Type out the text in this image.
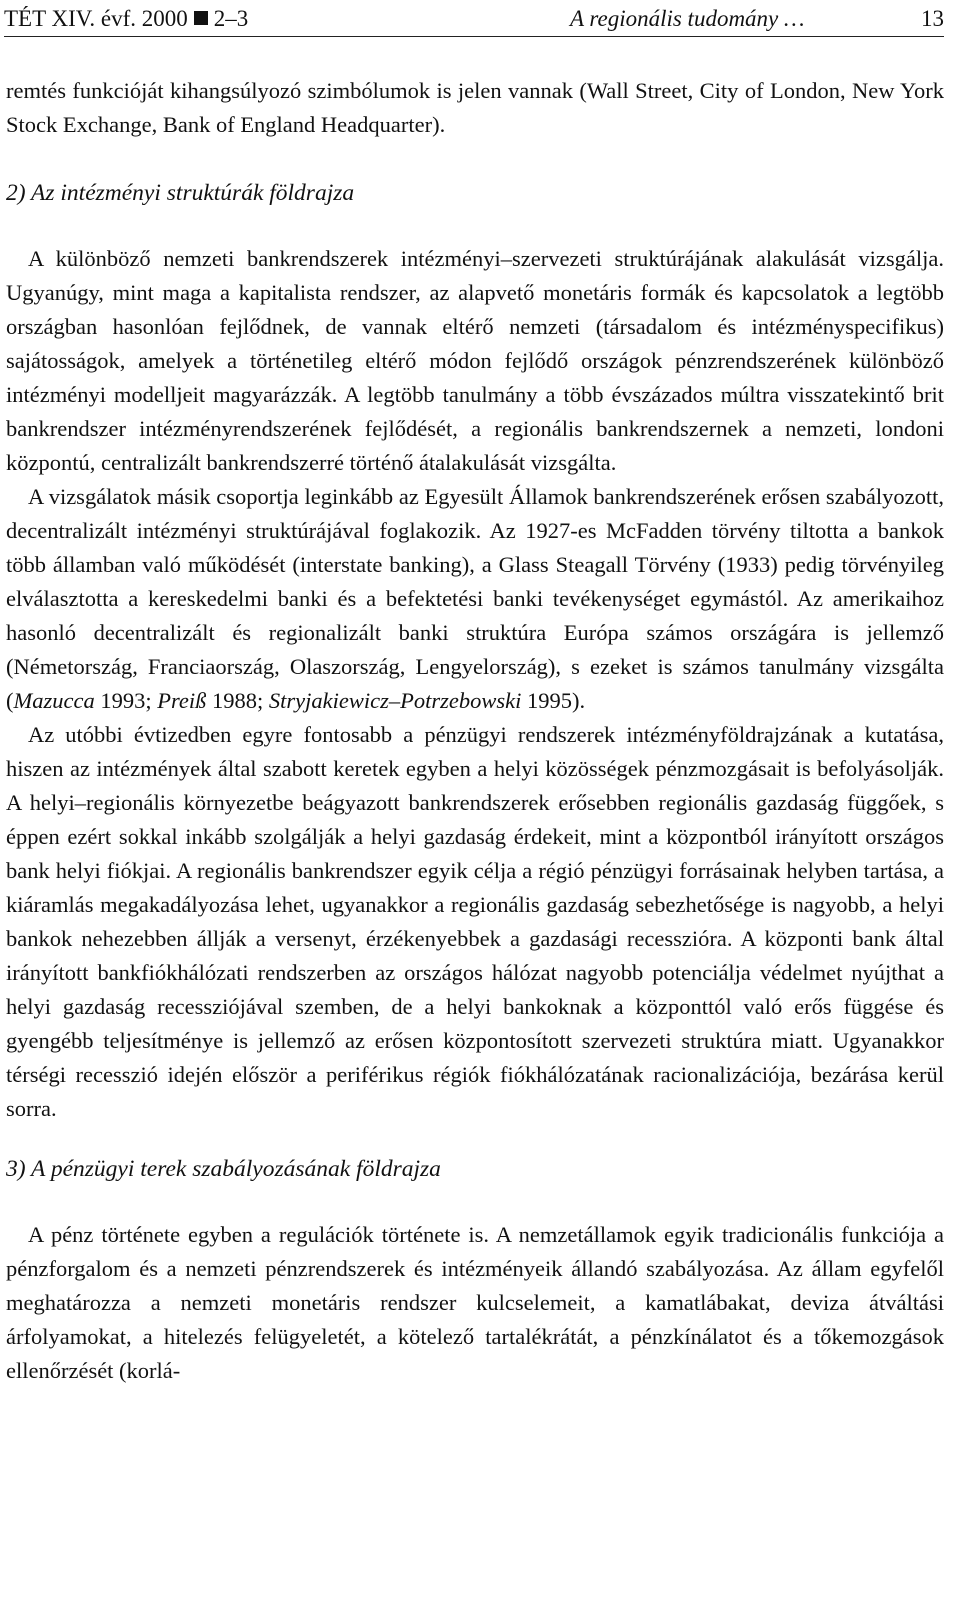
TÉT XIV. évf. 2000 2–3	A regionális tudomány …	13

remtés funkcióját kihangsúlyozó szimbólumok is jelen vannak (Wall Street, City of London, New York Stock Exchange, Bank of England Headquarter).

2) Az intézményi struktúrák földrajza

A különböző nemzeti bankrendszerek intézményi–szervezeti struktúrájának alakulását vizsgálja. Ugyanúgy, mint maga a kapitalista rendszer, az alapvető monetáris formák és kapcsolatok a legtöbb országban hasonlóan fejlődnek, de vannak eltérő nemzeti (társadalom és intézményspecifikus) sajátosságok, amelyek a történetileg eltérő módon fejlődő országok pénzrendszerének különböző intézményi modelljeit magyarázzák. A legtöbb tanulmány a több évszázados múltra visszatekintő brit bankrendszer intézményrendszerének fejlődését, a regionális bankrendszernek a nemzeti, londoni központú, centralizált bankrendszerré történő átalakulását vizsgálta.

A vizsgálatok másik csoportja leginkább az Egyesült Államok bankrendszerének erősen szabályozott, decentralizált intézményi struktúrájával foglakozik. Az 1927-es McFadden törvény tiltotta a bankok több államban való működését (interstate banking), a Glass Steagall Törvény (1933) pedig törvényileg elválasztotta a kereskedelmi banki és a befektetési banki tevékenységet egymástól. Az amerikaihoz hasonló decentralizált és regionalizált banki struktúra Európa számos országára is jellemző (Németország, Franciaország, Olaszország, Lengyelország), s ezeket is számos tanulmány vizsgálta (Mazucca 1993; Preiß 1988; Stryjakiewicz–Potrzebowski 1995).

Az utóbbi évtizedben egyre fontosabb a pénzügyi rendszerek intézményföldrajzának a kutatása, hiszen az intézmények által szabott keretek egyben a helyi közösségek pénzmozgásait is befolyásolják. A helyi–regionális környezetbe beágyazott bankrendszerek erősebben regionális gazdaság függőek, s éppen ezért sokkal inkább szolgálják a helyi gazdaság érdekeit, mint a központból irányított országos bank helyi fiókjai. A regionális bankrendszer egyik célja a régió pénzügyi forrásainak helyben tartása, a kiáramlás megakadályozása lehet, ugyanakkor a regionális gazdaság sebezhetősége is nagyobb, a helyi bankok nehezebben állják a versenyt, érzékenyebbek a gazdasági recesszióra. A központi bank által irányított bankfiókhálózati rendszerben az országos hálózat nagyobb potenciálja védelmet nyújthat a helyi gazdaság recessziójával szemben, de a helyi bankoknak a központtól való erős függése és gyengébb teljesítménye is jellemző az erősen központosított szervezeti struktúra miatt. Ugyanakkor térségi recesszió idején először a periférikus régiók fiókhálózatának racionalizációja, bezárása kerül sorra.

3) A pénzügyi terek szabályozásának földrajza

A pénz története egyben a regulációk története is. A nemzetállamok egyik tradicionális funkciója a pénzforgalom és a nemzeti pénzrendszerek és intézményeik állandó szabályozása. Az állam egyfelől meghatározza a nemzeti monetáris rendszer kulcselemeit, a kamatlábakat, deviza átváltási árfolyamokat, a hitelezés felügyeletét, a kötelező tartalékrátát, a pénzkínálatot és a tőkemozgások ellenőrzését (korlá-
